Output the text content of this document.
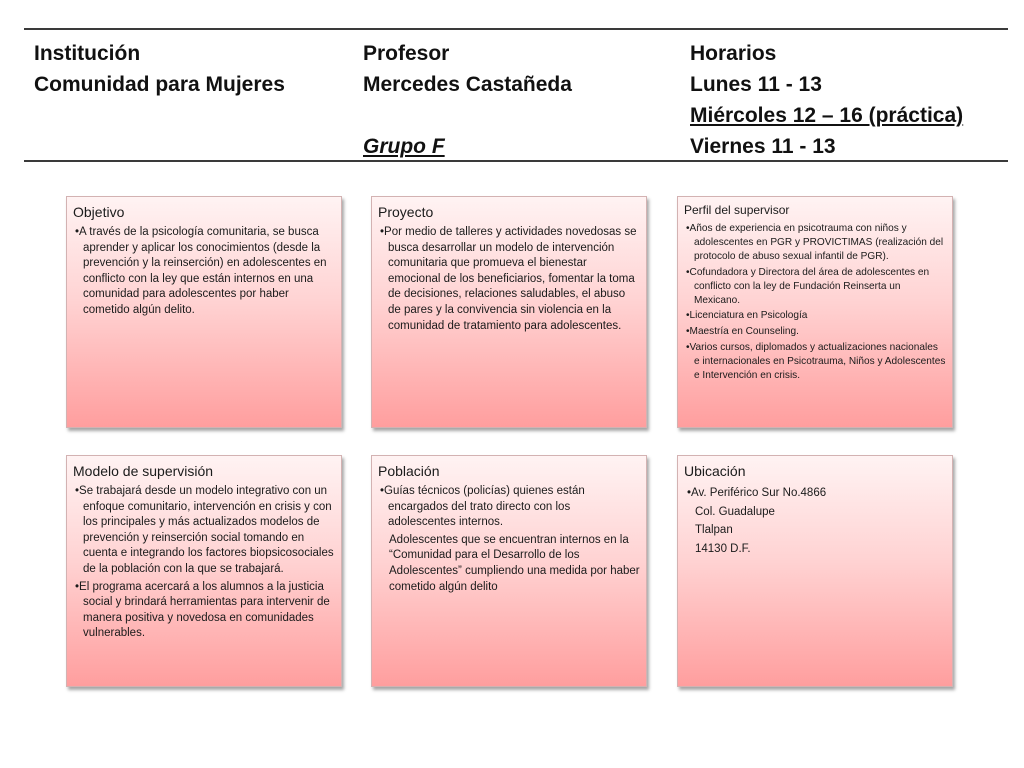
Institución
Comunidad para Mujeres
Profesor
Mercedes Castañeda
Grupo F
Horarios
Lunes 11 - 13
Miércoles 12 – 16 (práctica)
Viernes 11 - 13
Objetivo
•A través de la psicología comunitaria, se busca aprender y aplicar los conocimientos (desde la prevención y la reinserción) en adolescentes en conflicto con la ley que están internos en una comunidad para adolescentes por haber cometido algún delito.
Proyecto
•Por medio de talleres y actividades novedosas se busca desarrollar un modelo de intervención comunitaria que promueva el bienestar emocional de los beneficiarios, fomentar la toma de decisiones, relaciones saludables, el abuso de pares y la convivencia sin violencia en la comunidad de tratamiento para adolescentes.
Perfil del supervisor
•Años de experiencia en psicotrauma con niños y adolescentes en PGR y PROVICTIMAS (realización del protocolo de abuso sexual infantil de PGR).
•Cofundadora y Directora del área de adolescentes en conflicto con la ley de Fundación Reinserta un Mexicano.
•Licenciatura en Psicología
•Maestría en Counseling.
•Varios cursos, diplomados y actualizaciones nacionales e internacionales en Psicotrauma, Niños y Adolescentes e Intervención en crisis.
Modelo de supervisión
•Se trabajará desde un modelo integrativo con un enfoque comunitario, intervención en crisis y con los principales y más actualizados modelos de prevención y reinserción social tomando en cuenta e integrando los factores biopsicosociales de la población con la que se trabajará.
•El programa acercará a los alumnos a la justicia social y brindará herramientas para intervenir de manera positiva y novedosa en comunidades vulnerables.
Población
•Guías técnicos (policías) quienes están encargados del trato directo con los adolescentes internos.
Adolescentes que se encuentran internos en la “Comunidad para el Desarrollo de los Adolescentes” cumpliendo una medida por haber cometido algún delito
Ubicación
•Av. Periférico Sur No.4866
Col. Guadalupe
Tlalpan
14130 D.F.
